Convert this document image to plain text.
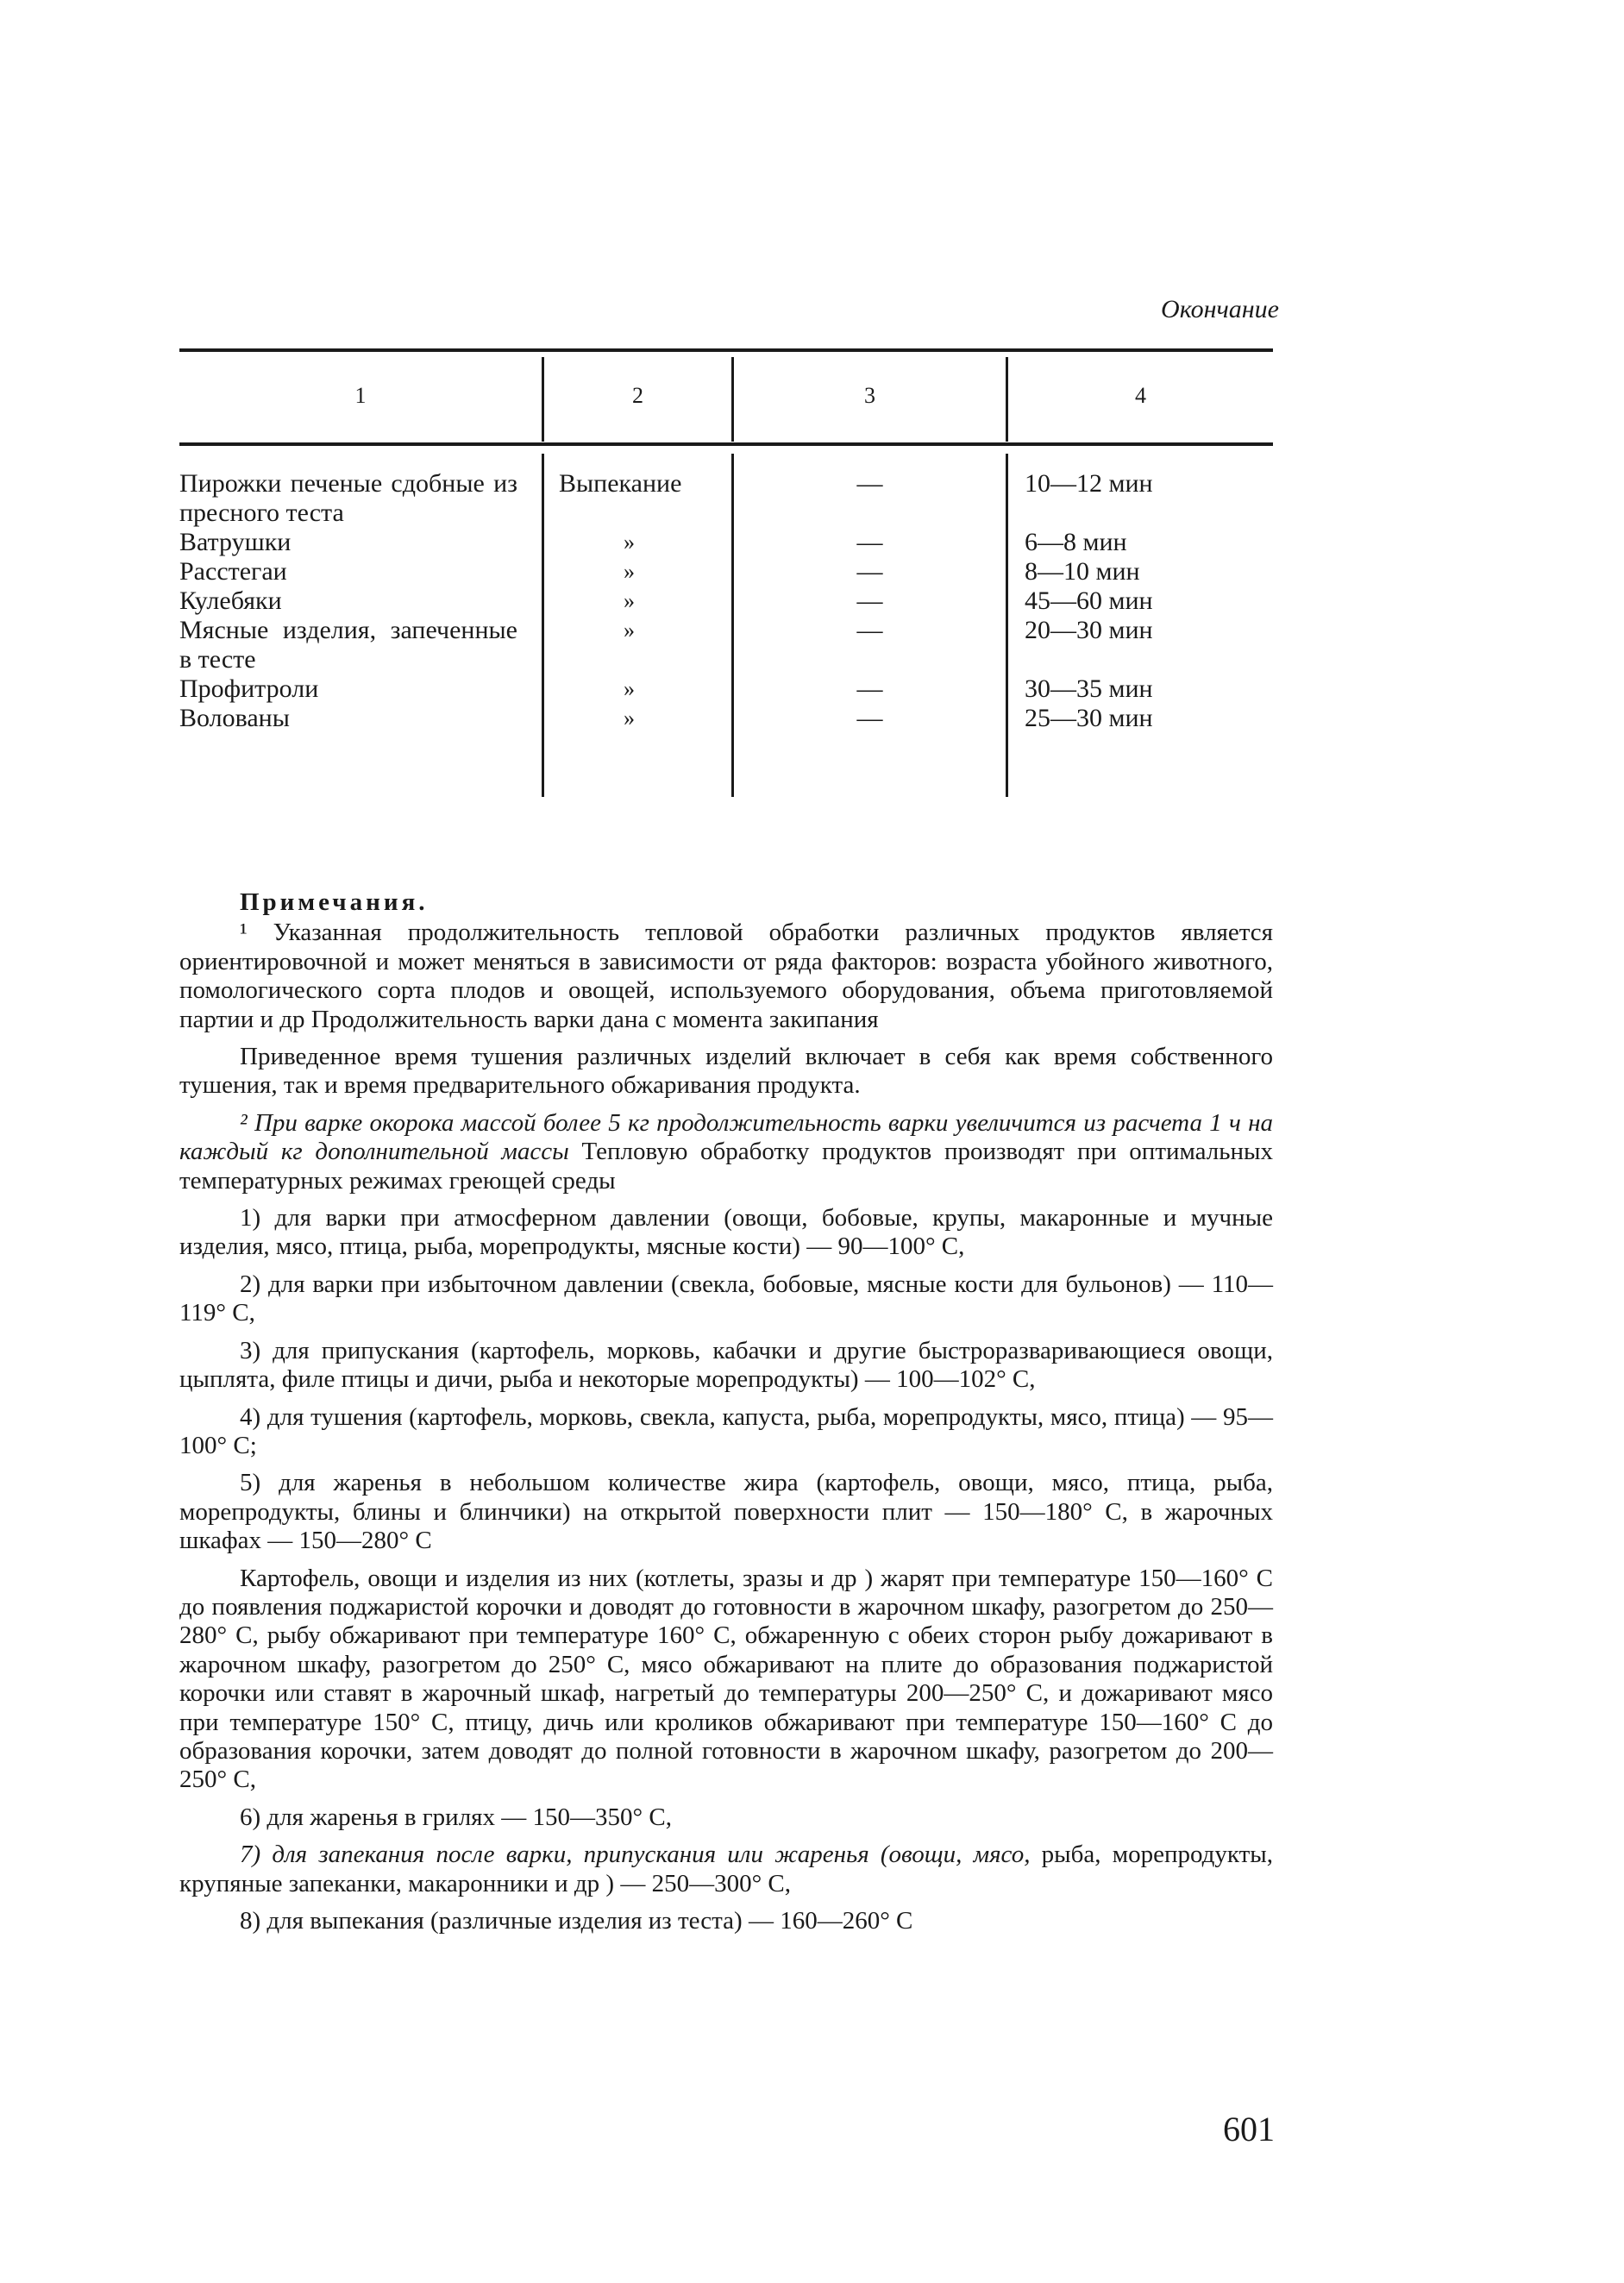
Окончание
1	2	3	4
Пирожки печеные сдобные из пресного теста
Выпекание	—	10—12 мин
Ватрушки	»	—	6—8 мин
Расстегаи	»	—	8—10 мин
Кулебяки	»	—	45—60 мин
Мясные изделия, запеченные в тесте
»	—	20—30 мин
Профитроли	»	—	30—35 мин
Волованы	»	—	25—30 мин
Примечания.

¹ Указанная продолжительность тепловой обработки различных продуктов является ориентировочной и может меняться в зависимости от ряда факторов: возраста убойного животного, помологического сорта плодов и овощей, используемого оборудования, объема приготовляемой партии и др Продолжительность варки дана с момента закипания

Приведенное время тушения различных изделий включает в себя как время собственного тушения, так и время предварительного обжаривания продукта.

² При варке окорока массой более 5 кг продолжительность варки увеличится из расчета 1 ч на каждый кг дополнительной массы Тепловую обработку продуктов производят при оптимальных температурных режимах греющей среды

1) для варки при атмосферном давлении (овощи, бобовые, крупы, макаронные и мучные изделия, мясо, птица, рыба, морепродукты, мясные кости) — 90—100° С,

2) для варки при избыточном давлении (свекла, бобовые, мясные кости для бульонов) — 110—119° С,

3) для припускания (картофель, морковь, кабачки и другие быстроразваривающиеся овощи, цыплята, филе птицы и дичи, рыба и некоторые морепродукты) — 100—102° С,

4) для тушения (картофель, морковь, свекла, капуста, рыба, морепродукты, мясо, птица) — 95—100° С;

5) для жаренья в небольшом количестве жира (картофель, овощи, мясо, птица, рыба, морепродукты, блины и блинчики) на открытой поверхности плит — 150—180° С, в жарочных шкафах — 150—280° С

Картофель, овощи и изделия из них (котлеты, зразы и др ) жарят при температуре 150—160° С до появления поджаристой корочки и доводят до готовности в жарочном шкафу, разогретом до 250—280° С, рыбу обжаривают при температуре 160° С, обжаренную с обеих сторон рыбу дожаривают в жарочном шкафу, разогретом до 250° С, мясо обжаривают на плите до образования поджаристой корочки или ставят в жарочный шкаф, нагретый до температуры 200—250° С, и дожаривают мясо при температуре 150° С, птицу, дичь или кроликов обжаривают при температуре 150—160° С до образования корочки, затем доводят до полной готовности в жарочном шкафу, разогретом до 200—250° С,

6) для жаренья в грилях — 150—350° С,

7) для запекания после варки, припускания или жаренья (овощи, мясо, рыба, морепродукты, крупяные запеканки, макаронники и др ) — 250—300° С,

8) для выпекания (различные изделия из теста) — 160—260° С

601
